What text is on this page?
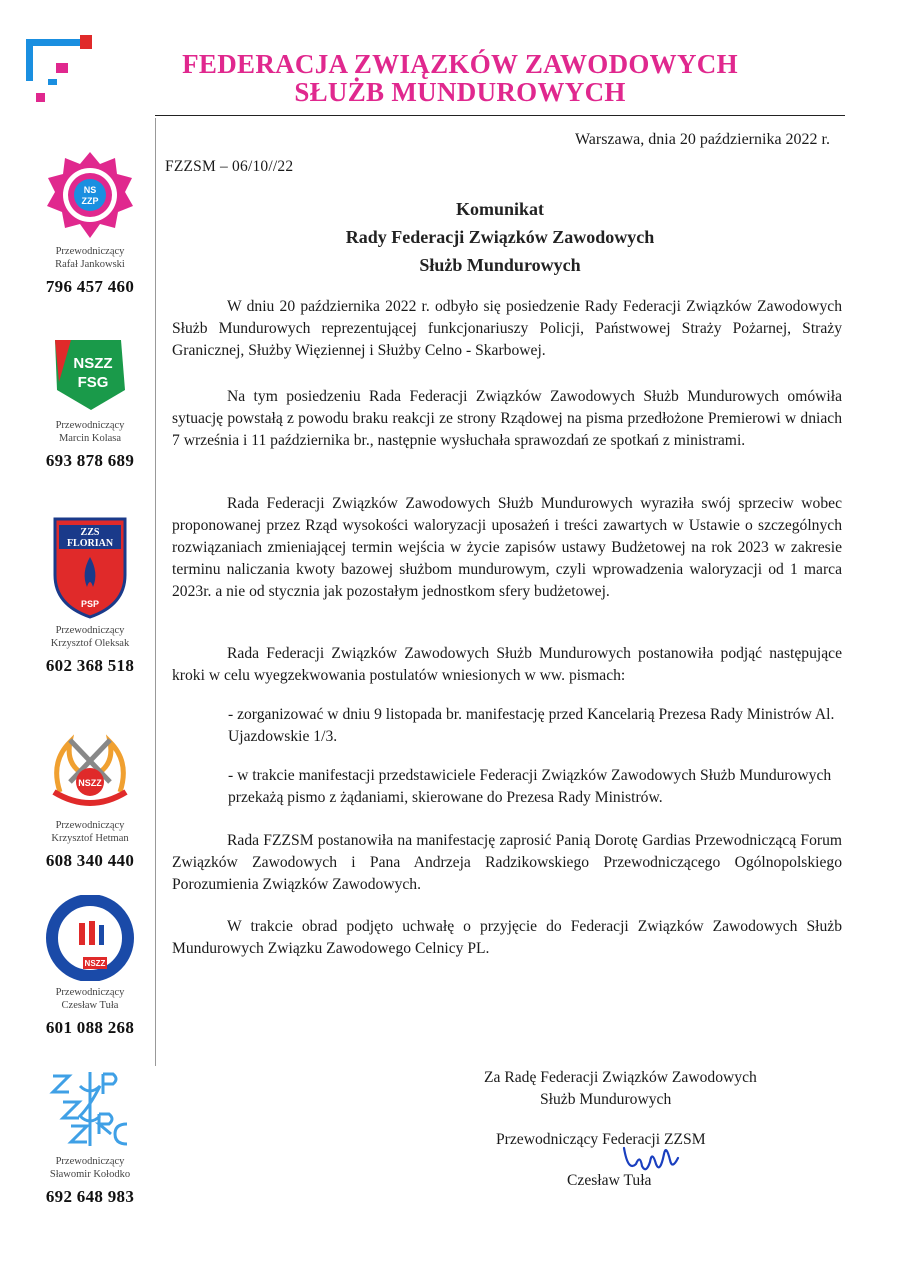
FEDERACJA ZWIĄZKÓW ZAWODOWYCH
SŁUŻB MUNDUROWYCH
NS
ZZP
Przewodniczący
Rafał Jankowski
796 457 460
NSZZ
FSG
Przewodniczący
Marcin Kolasa
693 878 689
ZZS
FLORIAN
PSP
Przewodniczący
Krzysztof Oleksak
602 368 518
NSZZ
Przewodniczący
Krzysztof Hetman
608 340 440
NSZZ
Przewodniczący
Czesław Tuła
601 088 268
Przewodniczący
Sławomir Kołodko
692 648 983
Warszawa, dnia 20 października 2022 r.
FZZSM – 06/10//22
Komunikat
Rady Federacji Związków Zawodowych
Służb Mundurowych
W dniu 20 października 2022 r. odbyło się posiedzenie Rady Federacji Związków Zawodowych Służb Mundurowych reprezentującej funkcjonariuszy Policji, Państwowej Straży Pożarnej, Straży Granicznej, Służby Więziennej i Służby Celno - Skarbowej.
Na tym posiedzeniu Rada Federacji Związków Zawodowych Służb Mundurowych omówiła sytuację powstałą z powodu braku reakcji ze strony Rządowej na pisma przedłożone Premierowi w dniach 7 września i 11 października br., następnie wysłuchała sprawozdań ze spotkań z ministrami.
Rada Federacji Związków Zawodowych Służb Mundurowych wyraziła swój sprzeciw wobec proponowanej przez Rząd wysokości waloryzacji uposażeń i treści zawartych w Ustawie o szczególnych rozwiązaniach zmieniającej termin wejścia w życie zapisów ustawy Budżetowej na rok 2023 w zakresie terminu naliczania kwoty bazowej służbom mundurowym, czyli wprowadzenia waloryzacji od 1 marca 2023r. a nie od stycznia jak pozostałym jednostkom sfery budżetowej.
Rada Federacji Związków Zawodowych Służb Mundurowych postanowiła podjąć następujące kroki w celu wyegzekwowania postulatów wniesionych w ww. pismach:
- zorganizować w dniu 9 listopada br. manifestację przed Kancelarią Prezesa Rady Ministrów Al. Ujazdowskie 1/3.
- w trakcie manifestacji przedstawiciele Federacji Związków Zawodowych Służb Mundurowych przekażą pismo z żądaniami, skierowane do Prezesa Rady Ministrów.
Rada FZZSM postanowiła na manifestację zaprosić Panią Dorotę Gardias Przewodniczącą Forum Związków Zawodowych i Pana Andrzeja Radzikowskiego Przewodniczącego Ogólnopolskiego Porozumienia Związków Zawodowych.
W trakcie obrad podjęto uchwałę o przyjęcie do Federacji Związków Zawodowych Służb Mundurowych Związku Zawodowego Celnicy PL.
Za Radę Federacji Związków Zawodowych
Służb Mundurowych
Przewodniczący Federacji ZZSM
Czesław Tuła
